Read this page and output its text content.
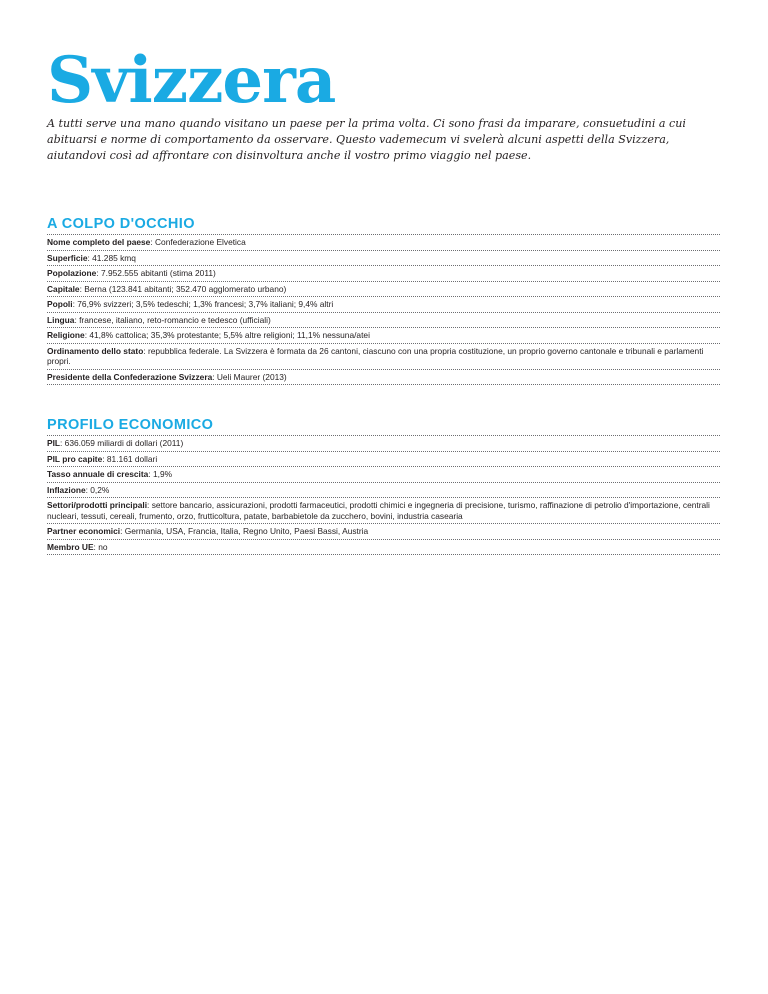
Svizzera

A tutti serve una mano quando visitano un paese per la prima volta. Ci sono frasi da imparare, consuetudini a cui abituarsi e norme di comportamento da osservare. Questo vademecum vi svelerà alcuni aspetti della Svizzera, aiutandovi così ad affrontare con disinvoltura anche il vostro primo viaggio nel paese.

A COLPO D'OCCHIO
Nome completo del paese: Confederazione Elvetica
Superficie: 41.285 kmq
Popolazione: 7.952.555 abitanti (stima 2011)
Capitale: Berna (123.841 abitanti; 352.470 agglomerato urbano)
Popoli: 76,9% svizzeri; 3,5% tedeschi; 1,3% francesi; 3,7% italiani; 9,4% altri
Lingua: francese, italiano, reto-romancio e tedesco (ufficiali)
Religione: 41,8% cattolica; 35,3% protestante; 5,5% altre religioni; 11,1% nessuna/atei
Ordinamento dello stato: repubblica federale. La Svizzera è formata da 26 cantoni, ciascuno con una propria costituzione, un proprio governo cantonale e tribunali e parlamenti propri.
Presidente della Confederazione Svizzera: Ueli Maurer (2013)
PROFILO ECONOMICO
PIL: 636.059 miliardi di dollari (2011)
PIL pro capite: 81.161 dollari
Tasso annuale di crescita: 1,9%
Inflazione: 0,2%
Settori/prodotti principali: settore bancario, assicurazioni, prodotti farmaceutici, prodotti chimici e ingegneria di precisione, turismo, raffinazione di petrolio d'importazione, centrali nucleari, tessuti, cereali, frumento, orzo, frutticoltura, patate, barbabietole da zucchero, bovini, industria casearia
Partner economici: Germania, USA, Francia, Italia, Regno Unito, Paesi Bassi, Austria
Membro UE: no
